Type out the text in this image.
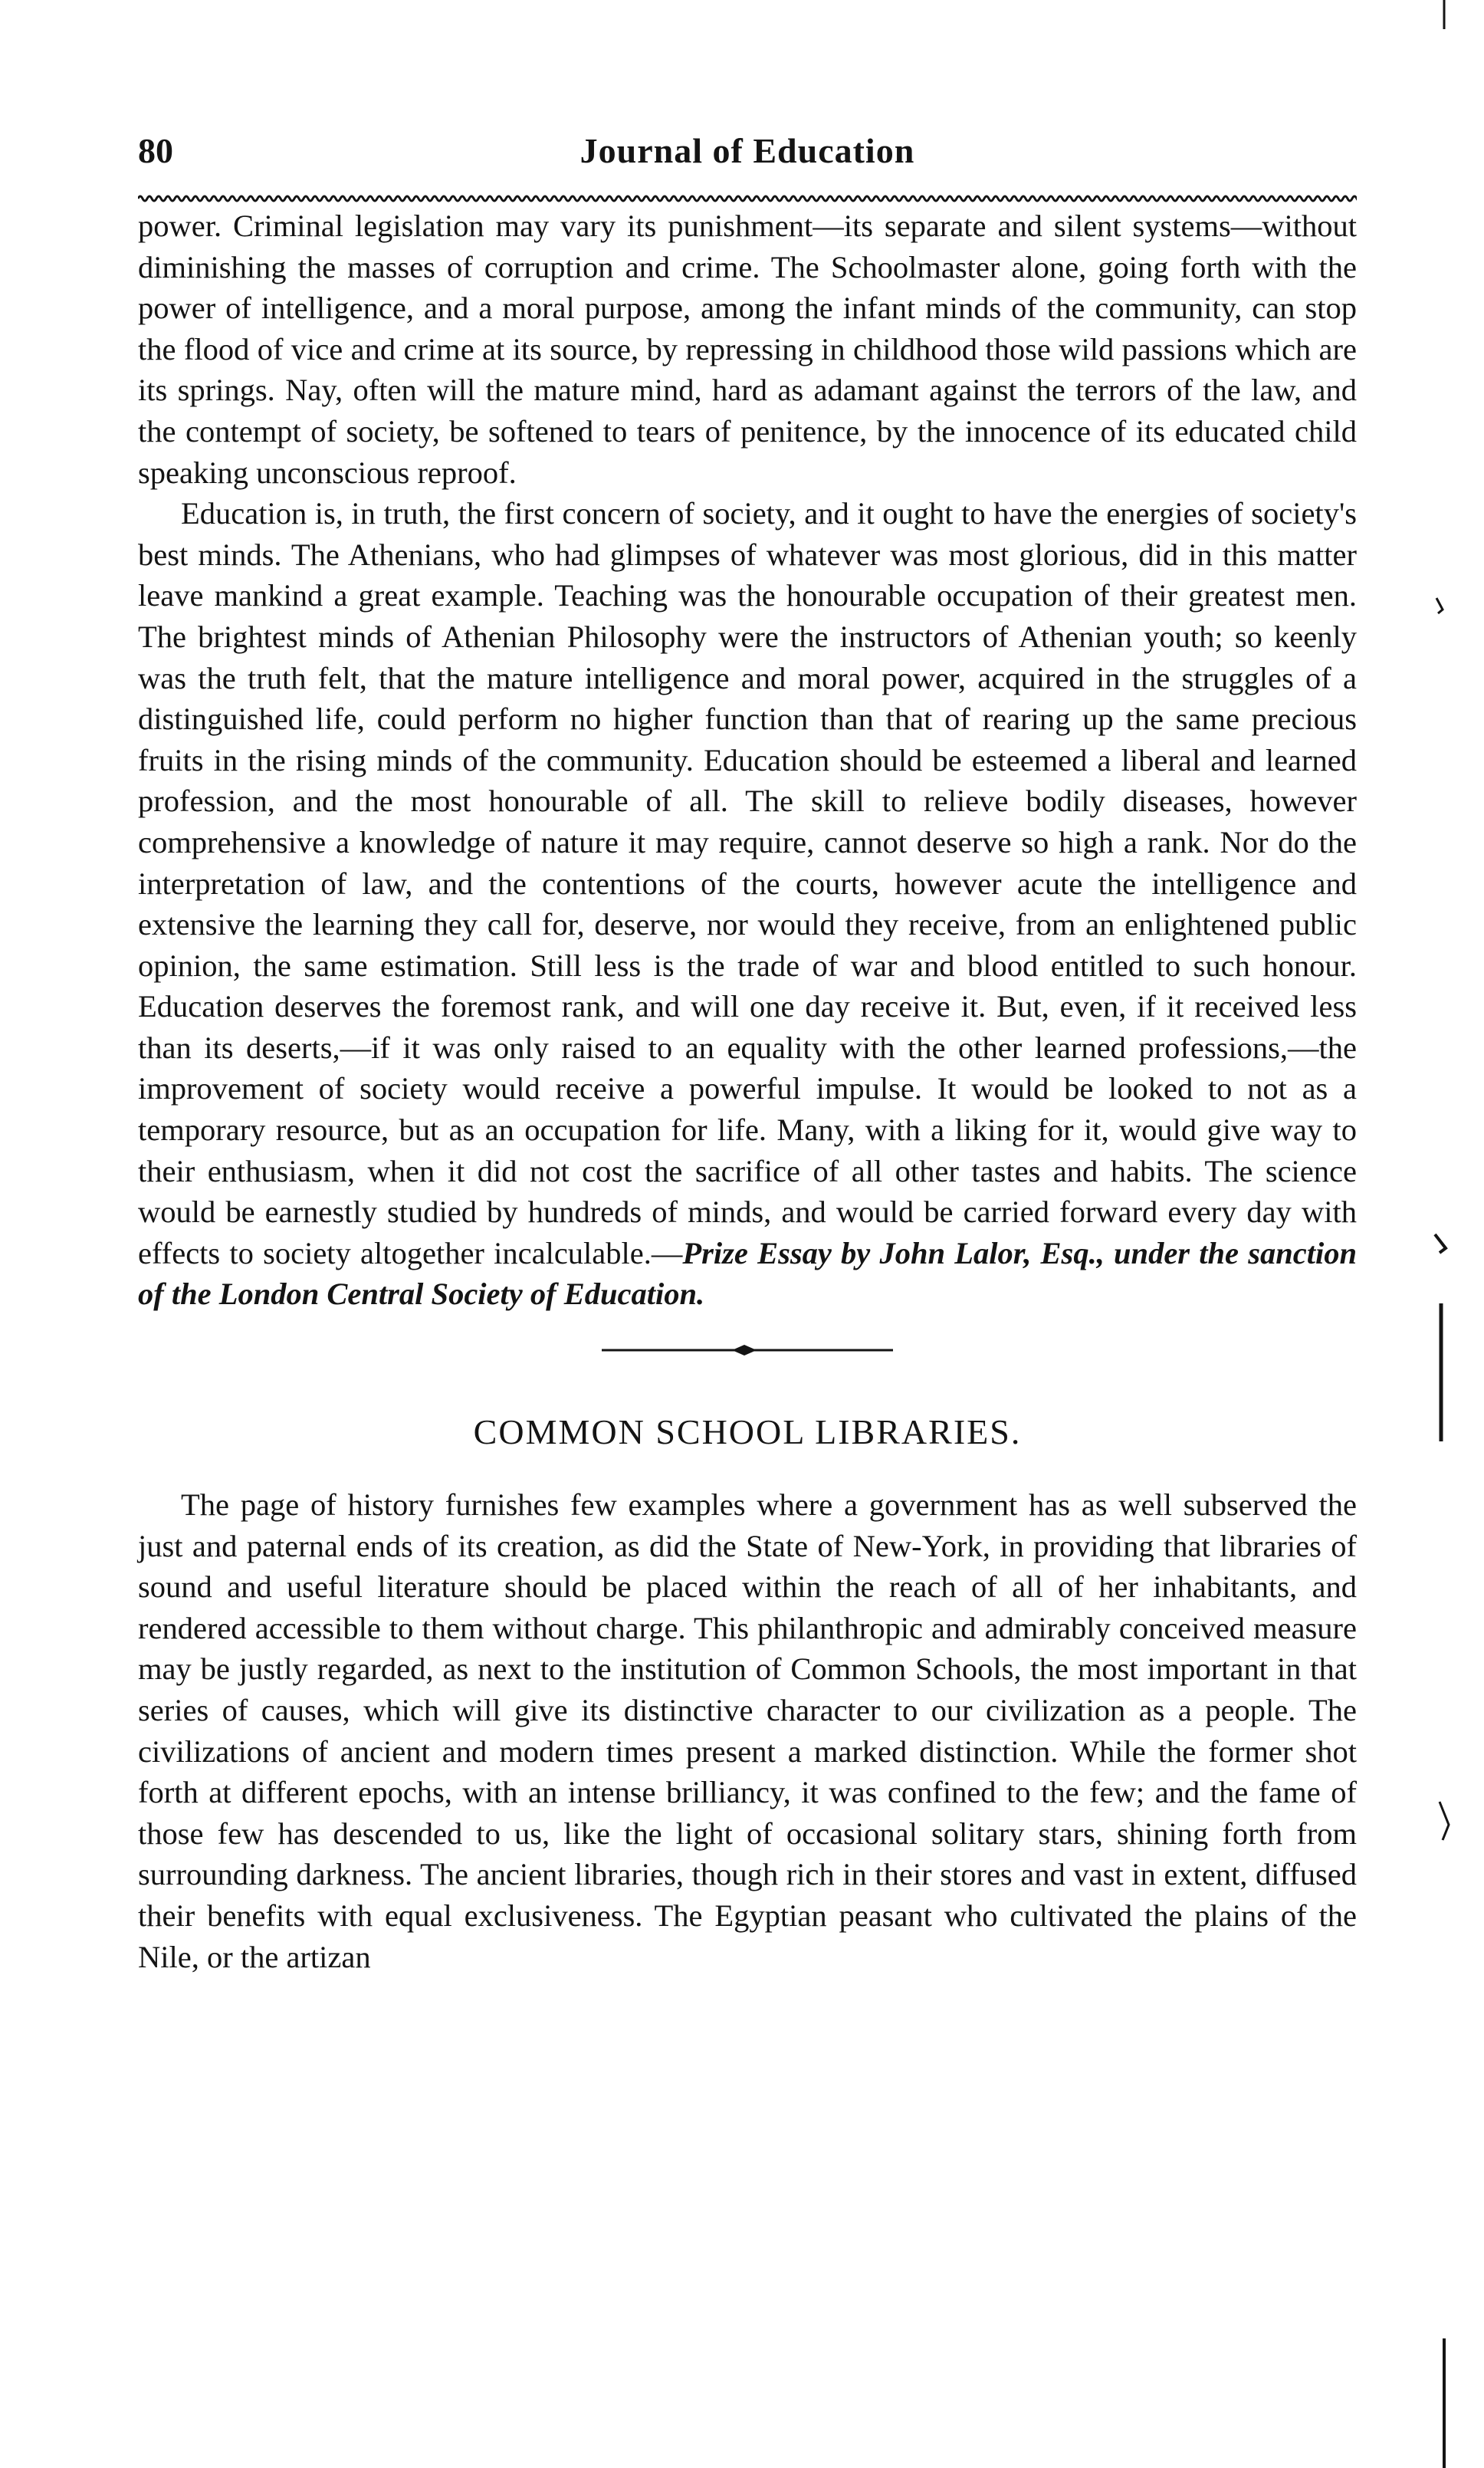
80	Journal of Education

power. Criminal legislation may vary its punishment—its separate and silent systems—without diminishing the masses of corruption and crime. The Schoolmaster alone, going forth with the power of intelligence, and a moral purpose, among the infant minds of the community, can stop the flood of vice and crime at its source, by repressing in childhood those wild passions which are its springs. Nay, often will the mature mind, hard as adamant against the terrors of the law, and the contempt of society, be softened to tears of penitence, by the innocence of its educated child speaking unconscious reproof.

Education is, in truth, the first concern of society, and it ought to have the energies of society's best minds. The Athenians, who had glimpses of whatever was most glorious, did in this matter leave mankind a great example. Teaching was the honourable occupation of their greatest men. The brightest minds of Athenian Philosophy were the instructors of Athenian youth; so keenly was the truth felt, that the mature intelligence and moral power, acquired in the struggles of a distinguished life, could perform no higher function than that of rearing up the same precious fruits in the rising minds of the community. Education should be esteemed a liberal and learned profession, and the most honourable of all. The skill to relieve bodily diseases, however comprehensive a knowledge of nature it may require, cannot deserve so high a rank. Nor do the interpretation of law, and the contentions of the courts, however acute the intelligence and extensive the learning they call for, deserve, nor would they receive, from an enlightened public opinion, the same estimation. Still less is the trade of war and blood entitled to such honour. Education deserves the foremost rank, and will one day receive it. But, even, if it received less than its deserts,—if it was only raised to an equality with the other learned professions,—the improvement of society would receive a powerful impulse. It would be looked to not as a temporary resource, but as an occupation for life. Many, with a liking for it, would give way to their enthusiasm, when it did not cost the sacrifice of all other tastes and habits. The science would be earnestly studied by hundreds of minds, and would be carried forward every day with effects to society altogether incalculable.—Prize Essay by John Lalor, Esq., under the sanction of the London Central Society of Education.

COMMON SCHOOL LIBRARIES.

The page of history furnishes few examples where a government has as well subserved the just and paternal ends of its creation, as did the State of New-York, in providing that libraries of sound and useful literature should be placed within the reach of all of her inhabitants, and rendered accessible to them without charge. This philanthropic and admirably conceived measure may be justly regarded, as next to the institution of Common Schools, the most important in that series of causes, which will give its distinctive character to our civilization as a people. The civilizations of ancient and modern times present a marked distinction. While the former shot forth at different epochs, with an intense brilliancy, it was confined to the few; and the fame of those few has descended to us, like the light of occasional solitary stars, shining forth from surrounding darkness. The ancient libraries, though rich in their stores and vast in extent, diffused their benefits with equal exclusiveness. The Egyptian peasant who cultivated the plains of the Nile, or the artizan
